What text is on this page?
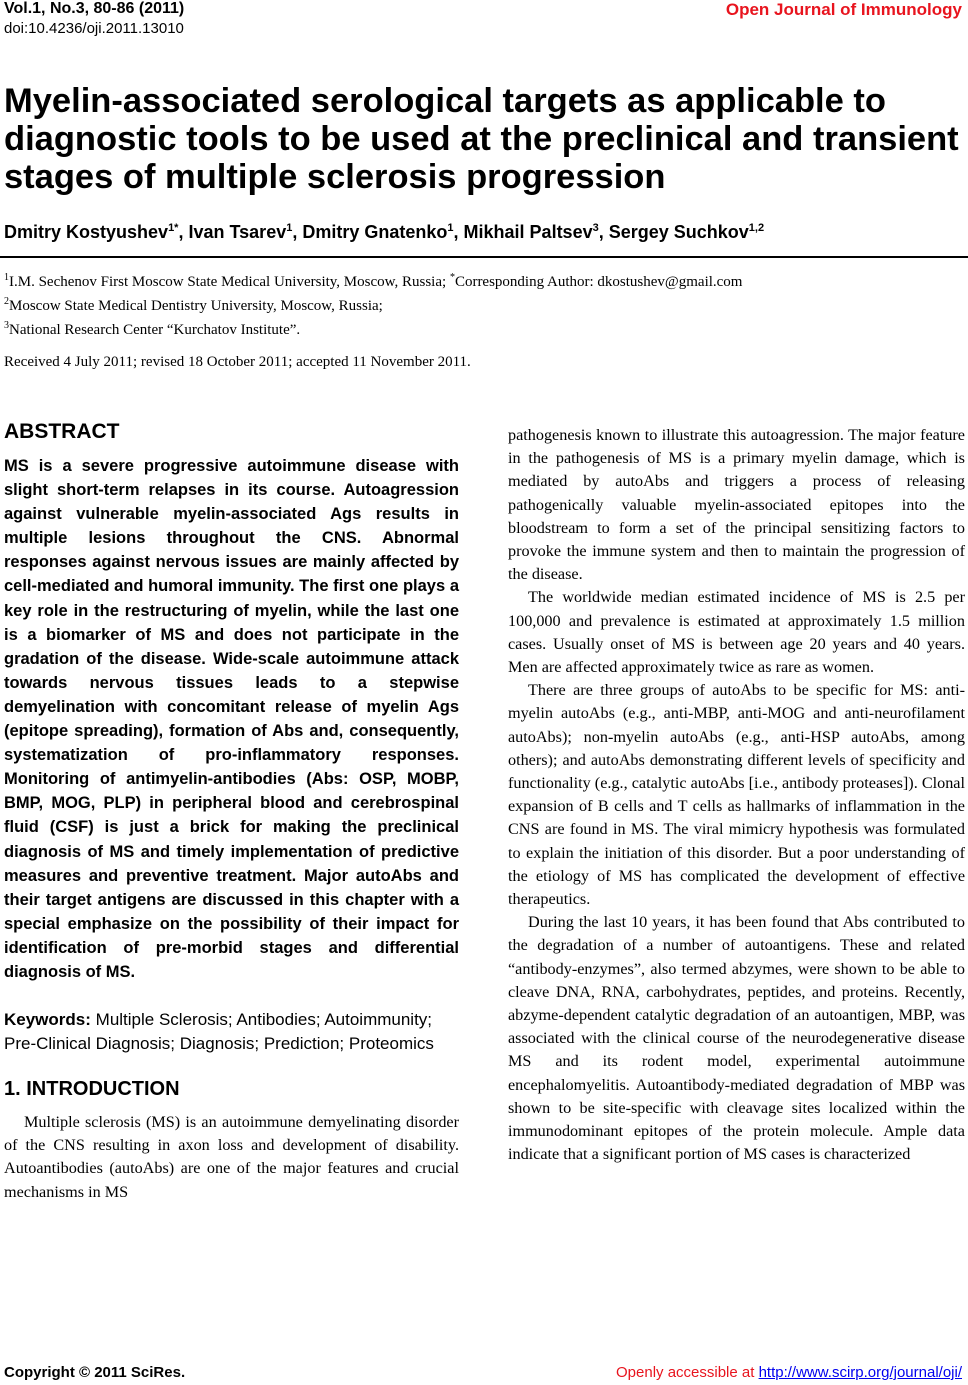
Vol.1, No.3, 80-86 (2011)
doi:10.4236/oji.2011.13010
Open Journal of Immunology
Myelin-associated serological targets as applicable to diagnostic tools to be used at the preclinical and transient stages of multiple sclerosis progression
Dmitry Kostyushev$^{1*}$, Ivan Tsarev$^1$, Dmitry Gnatenko$^1$, Mikhail Paltsev$^3$, Sergey Suchkov$^{1,2}$
$^1$I.M. Sechenov First Moscow State Medical University, Moscow, Russia; *Corresponding Author: dkostushev@gmail.com
$^2$Moscow State Medical Dentistry University, Moscow, Russia;
$^3$National Research Center “Kurchatov Institute”.
Received 4 July 2011; revised 18 October 2011; accepted 11 November 2011.
ABSTRACT

MS is a severe progressive autoimmune disease with slight short-term relapses in its course. Autoagression against vulnerable myelin-associated Ags results in multiple lesions throughout the CNS. Abnormal responses against nervous issues are mainly affected by cell-mediated and humoral immunity. The first one plays a key role in the restructuring of myelin, while the last one is a biomarker of MS and does not participate in the gradation of the disease. Wide-scale autoimmune attack towards nervous tissues leads to a stepwise demyelination with concomitant release of myelin Ags (epitope spreading), formation of Abs and, consequently, systematization of pro-inflammatory responses. Monitoring of antimyelin-antibodies (Abs: OSP, MOBP, BMP, MOG, PLP) in peripheral blood and cerebrospinal fluid (CSF) is just a brick for making the preclinical diagnosis of MS and timely implementation of predictive measures and preventive treatment. Major autoAbs and their target antigens are discussed in this chapter with a special emphasize on the possibility of their impact for identification of pre-morbid stages and differential diagnosis of MS.

Keywords: Multiple Sclerosis; Antibodies; Autoimmunity; Pre-Clinical Diagnosis; Diagnosis; Prediction; Proteomics
1. INTRODUCTION

Multiple sclerosis (MS) is an autoimmune demyelinating disorder of the CNS resulting in axon loss and development of disability. Autoantibodies (autoAbs) are one of the major features and crucial mechanisms in MS

pathogenesis known to illustrate this autoagression. The major feature in the pathogenesis of MS is a primary myelin damage, which is mediated by autoAbs and triggers a process of releasing pathogenically valuable myelin-associated epitopes into the bloodstream to form a set of the principal sensitizing factors to provoke the immune system and then to maintain the progression of the disease.

The worldwide median estimated incidence of MS is 2.5 per 100,000 and prevalence is estimated at approximately 1.5 million cases. Usually onset of MS is between age 20 years and 40 years. Men are affected approximately twice as rare as women.

There are three groups of autoAbs to be specific for MS: anti-myelin autoAbs (e.g., anti-MBP, anti-MOG and anti-neurofilament autoAbs); non-myelin autoAbs (e.g., anti-HSP autoAbs, among others); and autoAbs demonstrating different levels of specificity and functionality (e.g., catalytic autoAbs [i.e., antibody proteases]). Clonal expansion of B cells and T cells as hallmarks of inflammation in the CNS are found in MS. The viral mimicry hypothesis was formulated to explain the initiation of this disorder. But a poor understanding of the etiology of MS has complicated the development of effective therapeutics.

During the last 10 years, it has been found that Abs contributed to the degradation of a number of autoantigens. These and related “antibody-enzymes”, also termed abzymes, were shown to be able to cleave DNA, RNA, carbohydrates, peptides, and proteins. Recently, abzyme-dependent catalytic degradation of an autoantigen, MBP, was associated with the clinical course of the neurodegenerative disease MS and its rodent model, experimental autoimmune encephalomyelitis. Autoantibody-mediated degradation of MBP was shown to be site-specific with cleavage sites localized within the immunodominant epitopes of the protein molecule. Ample data indicate that a significant portion of MS cases is characterized

Copyright © 2011 SciRes.	Openly accessible at http://www.scirp.org/journal/oji/
